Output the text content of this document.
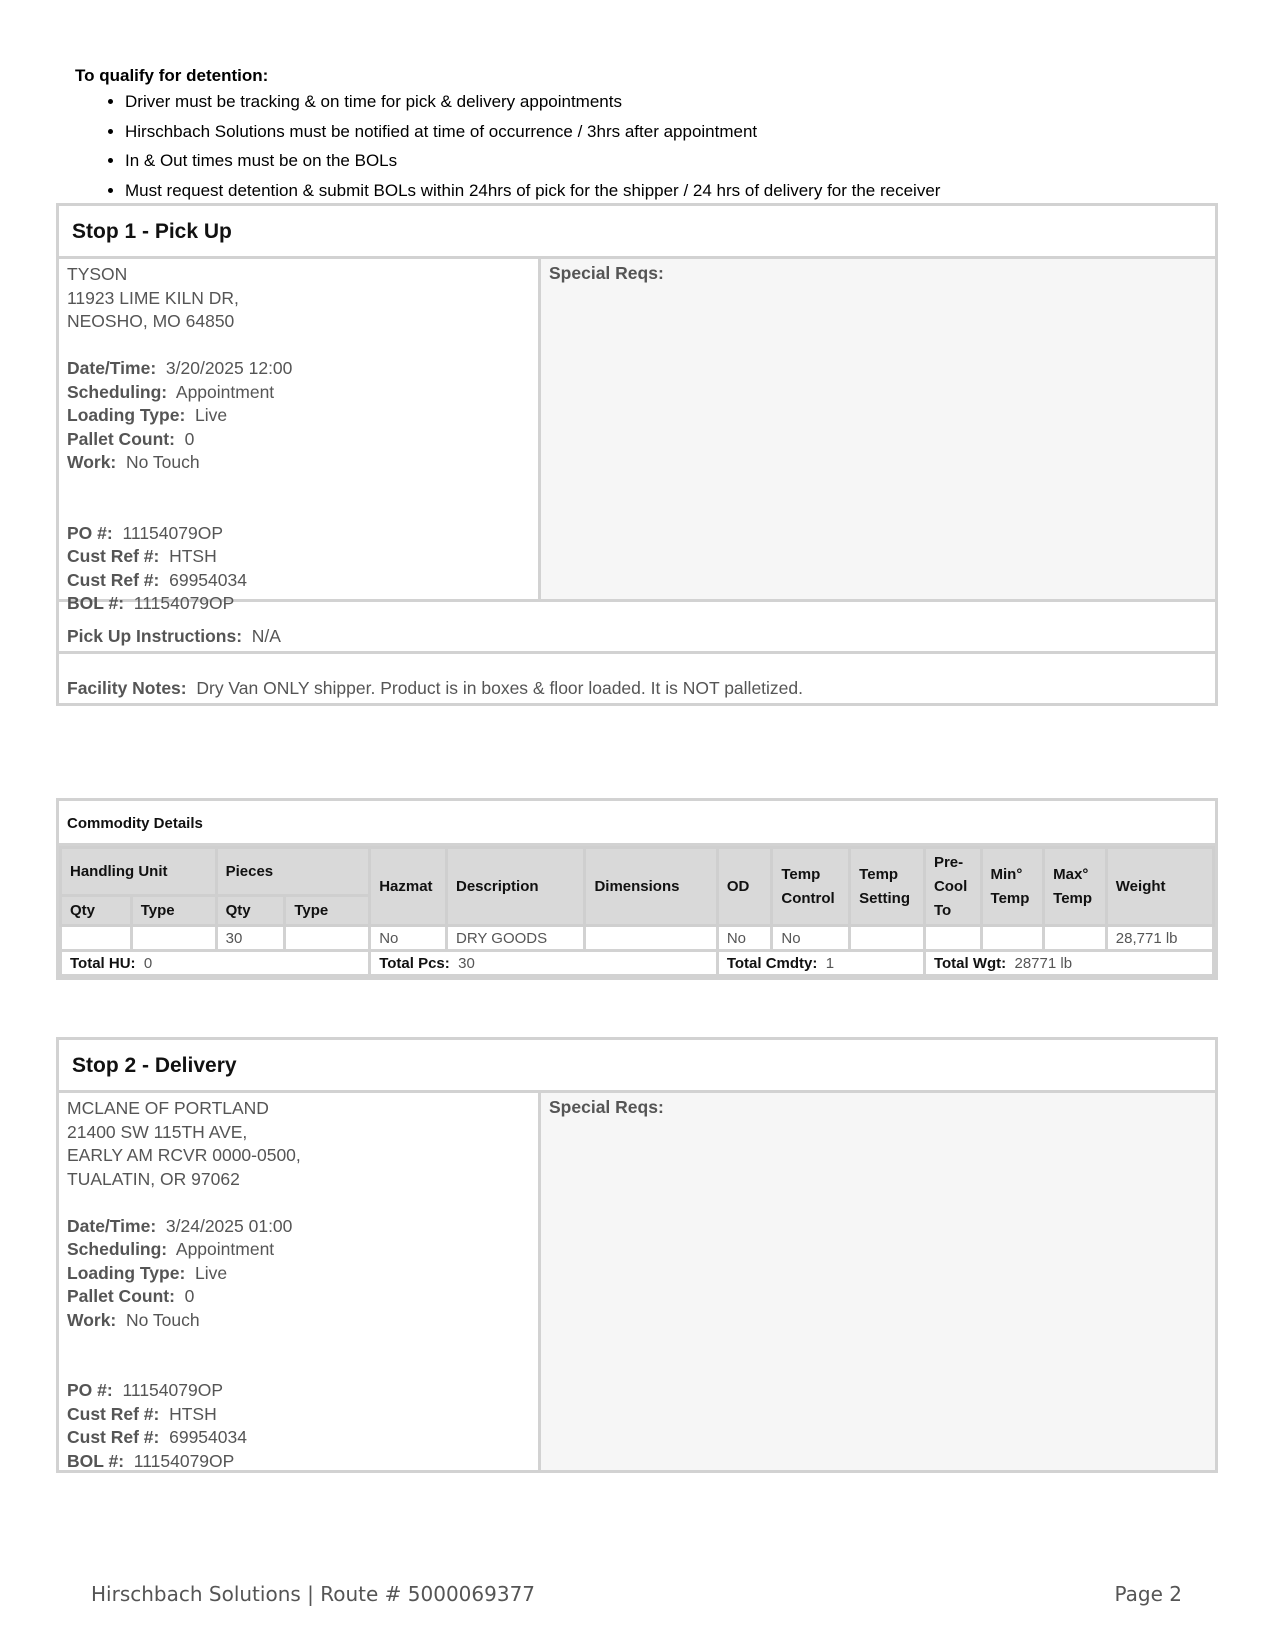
To qualify for detention:
• Driver must be tracking & on time for pick & delivery appointments
• Hirschbach Solutions must be notified at time of occurrence / 3hrs after appointment
• In & Out times must be on the BOLs
• Must request detention & submit BOLs within 24hrs of pick for the shipper / 24 hrs of delivery for the receiver
Stop 1 - Pick Up
TYSON
11923 LIME KILN DR,
NEOSHO, MO 64850
Date/Time: 3/20/2025 12:00
Scheduling: Appointment
Loading Type: Live
Pallet Count: 0
Work: No Touch
PO #: 11154079OP
Cust Ref #: HTSH
Cust Ref #: 69954034
BOL #: 11154079OP
Special Reqs:
Pick Up Instructions: N/A
Facility Notes: Dry Van ONLY shipper. Product is in boxes & floor loaded. It is NOT palletized.
Commodity Details
Handling Unit		Pieces		Hazmat	Description	Dimensions	OD	Temp Control	Temp Setting	Pre-Cool To	Min° Temp	Max° Temp	Weight
Qty	Type	Qty	Type										
		30		No	DRY GOODS		No	No					28,771 lb
Total HU: 0				Total Pcs: 30			Total Cmdty: 1			Total Wgt: 28771 lb			
Stop 2 - Delivery
MCLANE OF PORTLAND
21400 SW 115TH AVE,
EARLY AM RCVR 0000-0500,
TUALATIN, OR 97062
Date/Time: 3/24/2025 01:00
Scheduling: Appointment
Loading Type: Live
Pallet Count: 0
Work: No Touch
PO #: 11154079OP
Cust Ref #: HTSH
Cust Ref #: 69954034
BOL #: 11154079OP
Special Reqs:
Hirschbach Solutions | Route # 5000069377	Page 2
